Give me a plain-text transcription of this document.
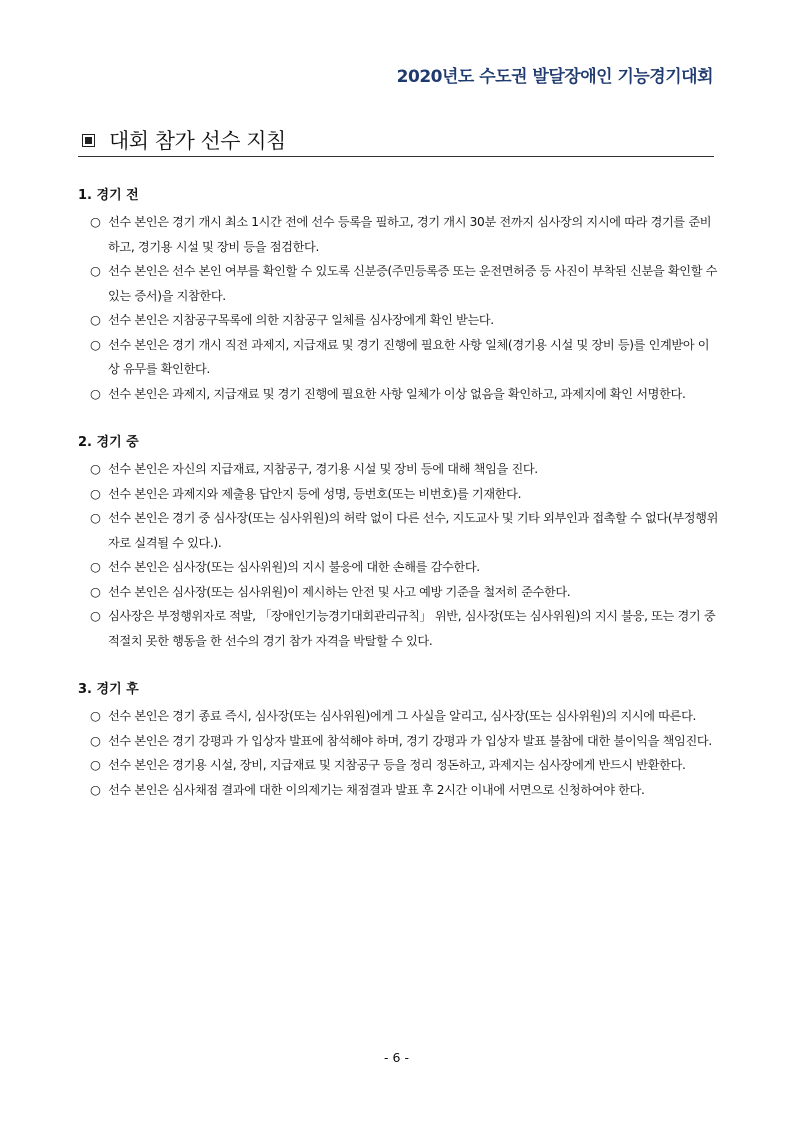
2020년도 수도권 발달장애인 기능경기대회
대회 참가 선수 지침
1. 경기 전
○ 선수 본인은 경기 개시 최소 1시간 전에 선수 등록을 필하고, 경기 개시 30분 전까지 심사장의 지시에 따라 경기를 준비하고, 경기용 시설 및 장비 등을 점검한다.
○ 선수 본인은 선수 본인 여부를 확인할 수 있도록 신분증(주민등록증 또는 운전면허증 등 사진이 부착된 신분을 확인할 수 있는 증서)을 지참한다.
○ 선수 본인은 지참공구목록에 의한 지참공구 일체를 심사장에게 확인 받는다.
○ 선수 본인은 경기 개시 직전 과제지, 지급재료 및 경기 진행에 필요한 사항 일체(경기용 시설 및 장비 등)를 인계받아 이상 유무를 확인한다.
○ 선수 본인은 과제지, 지급재료 및 경기 진행에 필요한 사항 일체가 이상 없음을 확인하고, 과제지에 확인 서명한다.
2. 경기 중
○ 선수 본인은 자신의 지급재료, 지참공구, 경기용 시설 및 장비 등에 대해 책임을 진다.
○ 선수 본인은 과제지와 제출용 답안지 등에 성명, 등번호(또는 비번호)를 기재한다.
○ 선수 본인은 경기 중 심사장(또는 심사위원)의 허락 없이 다른 선수, 지도교사 및 기타 외부인과 접촉할 수 없다(부정행위자로 실격될 수 있다.).
○ 선수 본인은 심사장(또는 심사위원)의 지시 불응에 대한 손해를 감수한다.
○ 선수 본인은 심사장(또는 심사위원)이 제시하는 안전 및 사고 예방 기준을 철저히 준수한다.
○ 심사장은 부정행위자로 적발, 「장애인기능경기대회관리규칙」 위반, 심사장(또는 심사위원)의 지시 불응, 또는 경기 중 적절치 못한 행동을 한 선수의 경기 참가 자격을 박탈할 수 있다.
3. 경기 후
○ 선수 본인은 경기 종료 즉시, 심사장(또는 심사위원)에게 그 사실을 알리고, 심사장(또는 심사위원)의 지시에 따른다.
○ 선수 본인은 경기 강평과 가 입상자 발표에 참석해야 하며, 경기 강평과 가 입상자 발표 불참에 대한 불이익을 책임진다.
○ 선수 본인은 경기용 시설, 장비, 지급재료 및 지참공구 등을 정리 정돈하고, 과제지는 심사장에게 반드시 반환한다.
○ 선수 본인은 심사채점 결과에 대한 이의제기는 채점결과 발표 후 2시간 이내에 서면으로 신청하여야 한다.
- 6 -
